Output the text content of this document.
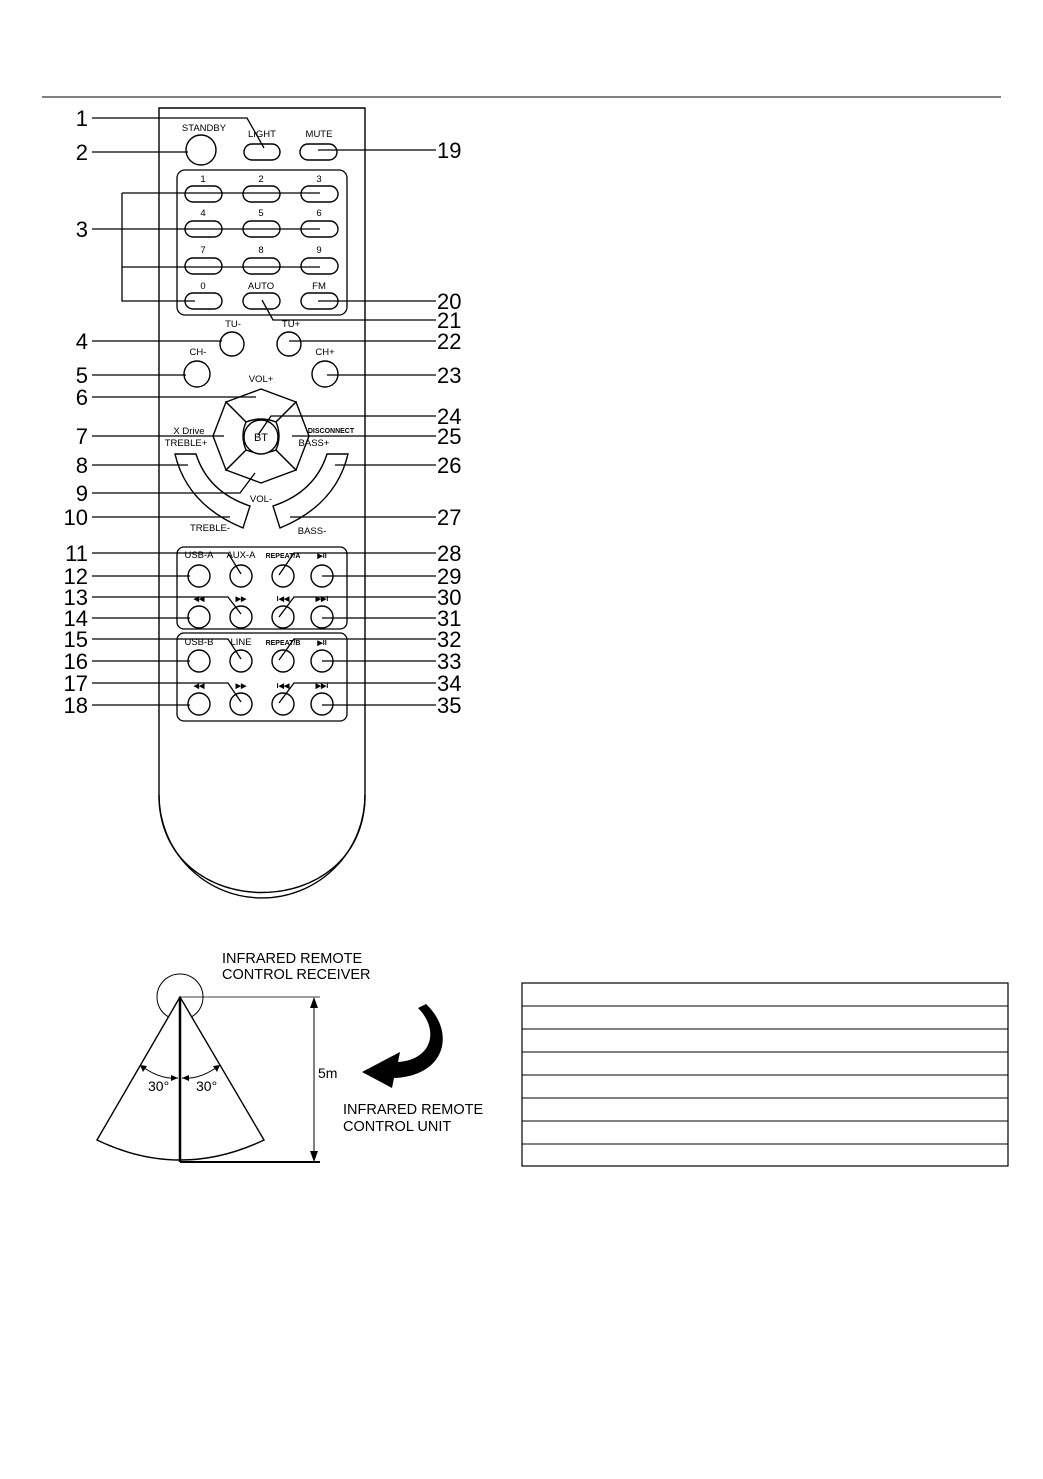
STANDBY
LIGHT	MUTE
1	2	3
4	5	6
7	8	9
0	AUTO	FM
TU-	TU+
CH-	CH+
VOL+
BT
X Drive	DISCONNECT
VOL-
TREBLE+
TREBLE-
BASS+
BASS-
USB-A AUX-A REPEAT/A ▶II
◀◀	▶▶	I◀◀	▶▶I
USB-B LINE REPEAT/B ▶II
◀◀	▶▶	I◀◀	▶▶I
1
2
3
4
5
6
7
8
9
10
11
12
13
14
15
16
17
18
19
20
21
22
23
24
25
26
27
28
29
30
31
32
33
34
35
30° 30°
5m
INFRARED REMOTE
CONTROL RECEIVER
INFRARED REMOTE
CONTROL UNIT
